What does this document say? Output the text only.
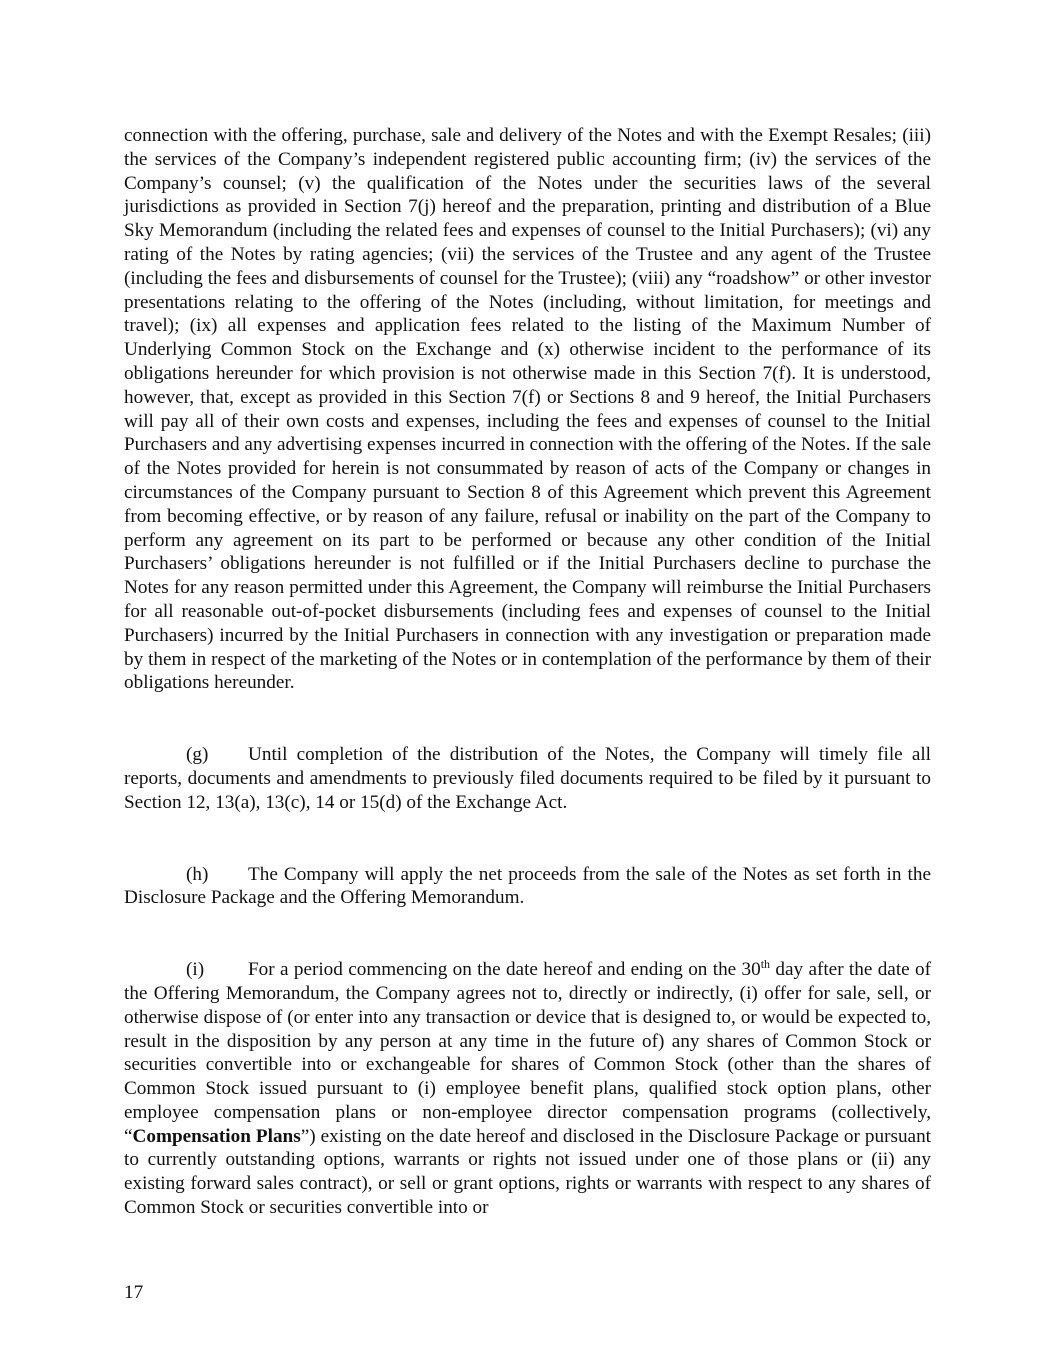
connection with the offering, purchase, sale and delivery of the Notes and with the Exempt Resales; (iii) the services of the Company’s independent registered public accounting firm; (iv) the services of the Company’s counsel; (v) the qualification of the Notes under the securities laws of the several jurisdictions as provided in Section 7(j) hereof and the preparation, printing and distribution of a Blue Sky Memorandum (including the related fees and expenses of counsel to the Initial Purchasers); (vi) any rating of the Notes by rating agencies; (vii) the services of the Trustee and any agent of the Trustee (including the fees and disbursements of counsel for the Trustee); (viii) any “roadshow” or other investor presentations relating to the offering of the Notes (including, without limitation, for meetings and travel); (ix) all expenses and application fees related to the listing of the Maximum Number of Underlying Common Stock on the Exchange and (x) otherwise incident to the performance of its obligations hereunder for which provision is not otherwise made in this Section 7(f). It is understood, however, that, except as provided in this Section 7(f) or Sections 8 and 9 hereof, the Initial Purchasers will pay all of their own costs and expenses, including the fees and expenses of counsel to the Initial Purchasers and any advertising expenses incurred in connection with the offering of the Notes. If the sale of the Notes provided for herein is not consummated by reason of acts of the Company or changes in circumstances of the Company pursuant to Section 8 of this Agreement which prevent this Agreement from becoming effective, or by reason of any failure, refusal or inability on the part of the Company to perform any agreement on its part to be performed or because any other condition of the Initial Purchasers’ obligations hereunder is not fulfilled or if the Initial Purchasers decline to purchase the Notes for any reason permitted under this Agreement, the Company will reimburse the Initial Purchasers for all reasonable out-of-pocket disbursements (including fees and expenses of counsel to the Initial Purchasers) incurred by the Initial Purchasers in connection with any investigation or preparation made by them in respect of the marketing of the Notes or in contemplation of the performance by them of their obligations hereunder.

(g) Until completion of the distribution of the Notes, the Company will timely file all reports, documents and amendments to previously filed documents required to be filed by it pursuant to Section 12, 13(a), 13(c), 14 or 15(d) of the Exchange Act.

(h) The Company will apply the net proceeds from the sale of the Notes as set forth in the Disclosure Package and the Offering Memorandum.

(i) For a period commencing on the date hereof and ending on the 30th day after the date of the Offering Memorandum, the Company agrees not to, directly or indirectly, (i) offer for sale, sell, or otherwise dispose of (or enter into any transaction or device that is designed to, or would be expected to, result in the disposition by any person at any time in the future of) any shares of Common Stock or securities convertible into or exchangeable for shares of Common Stock (other than the shares of Common Stock issued pursuant to (i) employee benefit plans, qualified stock option plans, other employee compensation plans or non-employee director compensation programs (collectively, “Compensation Plans”) existing on the date hereof and disclosed in the Disclosure Package or pursuant to currently outstanding options, warrants or rights not issued under one of those plans or (ii) any existing forward sales contract), or sell or grant options, rights or warrants with respect to any shares of Common Stock or securities convertible into or

17
